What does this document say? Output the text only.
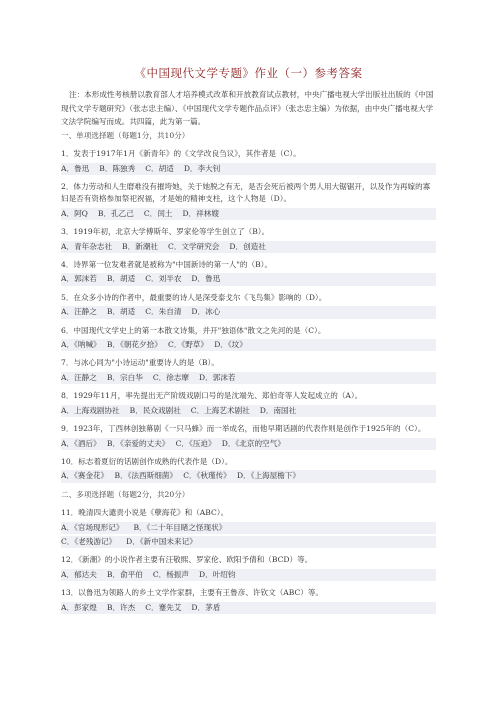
《中国现代文学专题》作业（一）参考答案
注：本形成性考核册以教育部人才培养模式改革和开放教育试点教材，中央广播电视大学出版社出版的《中国现代文学专题研究》（张志忠主编）、《中国现代文学专题作品点评》（张志忠主编）为依据，由中央广播电视大学文法学院编写而成。共四篇，此为第一篇。
一、单项选择题（每题1分，共10分）
1．发表于1917年1月《新青年》的《文学改良刍议》，其作者是（C）。
A．鲁迅　 B．陈独秀　 C．胡适　 D．李大钊
2．体力劳动和人生磨难没有摧垮她，关于她脱之有无，是否会死后被两个男人用大锯锯开，以及作为再嫁的寡妇是否有资格参加祭祀祝福，才是她的精神支柱，这个人物是（D）。
A．阿Q　 B．孔乙己　 C．闰土　 D．祥林嫂
3．1919年初，北京大学傅斯年、罗家伦等学生创立了（B）。
A．青年杂志社　 B．新潮社　 C．文学研究会　 D．创造社
4．诗界第一位发难者就是被称为"中国新诗的第一人"的（B）。
A．郭沫若　 B．胡适　 C．刘半农　 D．鲁迅
5．在众多小诗的作者中，最重要的诗人是深受泰戈尔《飞鸟集》影响的（D）。
A．汪静之　 B．胡适　 C．朱自清　 D．冰心
6．中国现代文学史上的第一本散文诗集，并开"独语体"散文之先河的是（C）。
A．《呐喊》　 B．《朝花夕拾》　 C．《野草》　 D．《坟》
7．与冰心同为"小诗运动"重要诗人的是（B）。
A．汪静之　 B．宗白华　 C．徐志摩　 D．郭沫若
8．1929年11月，率先提出无产阶级戏剧口号的是沈端先、郑伯奇等人发起成立的（A）。
A．上海戏剧协社　 B．民众戏剧社　 C．上海艺术剧社　 D．南国社
9．1923年，丁西林创独幕剧《一只马蜂》而一举成名，而他早期话剧的代表作则是创作于1925年的（C）。
A．《酒后》　 B．《亲爱的丈夫》　 C．《压迫》　 D．《北京的空气》
10．标志着夏衍的话剧创作成熟的代表作是（D）。
A．《赛金花》　 B．《法西斯细菌》　 C．《秋瑾传》　 D．《上海屋檐下》
二、多项选择题（每题2分，共20分）
11．晚清四大谴责小说是《孽海花》和（ABC）。
A．《官场现形记》	B．《二十年目睹之怪现状》
C．《老残游记》	D．《新中国未来记》
12．《新潮》的小说作者主要有汪敬熙、罗家伦、欧阳予倩和（BCD）等。
A．郁达夫　 B．俞平伯　 C．杨振声　 D．叶绍钧
13．以鲁迅为领路人的乡土文学作家群，主要有王鲁彦、许钦文（ABC）等。
A．彭家煌　 B．许杰　 C．蹇先艾　 D．茅盾
